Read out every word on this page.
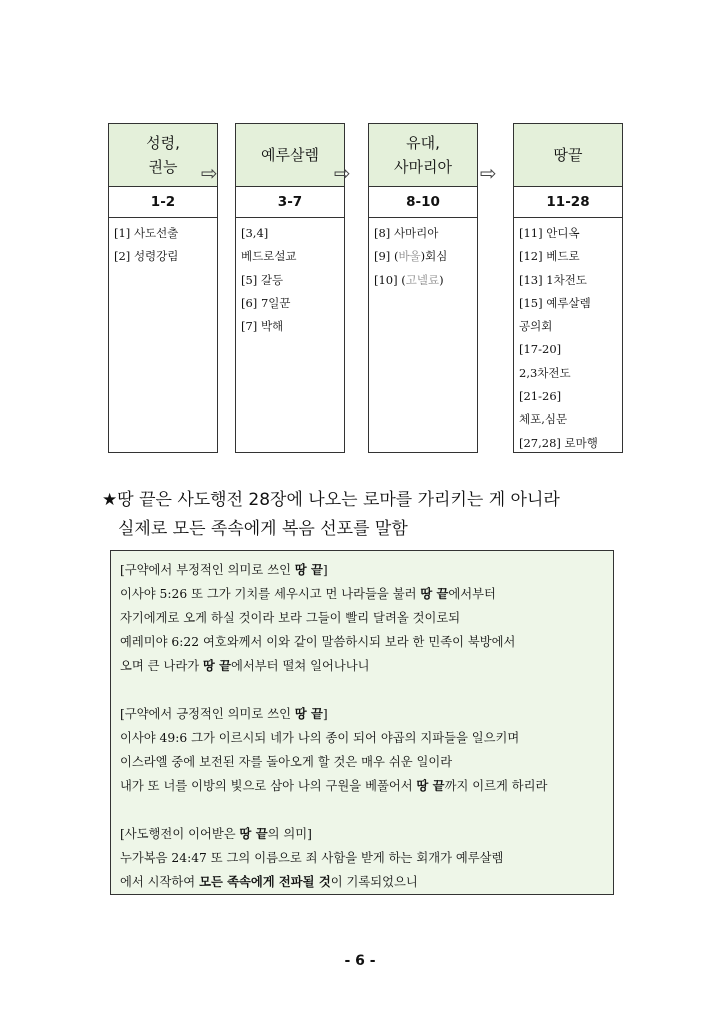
성령,
권능
1-2
[1] 사도선출
[2] 성령강림
예루살렘
3-7
[3,4]
베드로설교
[5] 갈등
[6] 7일꾼
[7] 박해
유대,
사마리아
8-10
[8] 사마리아
[9] (바울)회심
[10] (고넬료)
땅끝
11-28
[11] 안디옥
[12] 베드로
[13] 1차전도
[15] 예루살렘
공의회
[17-20]
2,3차전도
[21-26]
체포,심문
[27,28] 로마행
⇨	⇨	⇨
★땅 끝은 사도행전 28장에 나오는 로마를 가리키는 게 아니라
실제로 모든 족속에게 복음 선포를 말함
[구약에서 부정적인 의미로 쓰인 땅 끝]
이사야 5:26 또 그가 기치를 세우시고 먼 나라들을 불러 땅 끝에서부터
자기에게로 오게 하실 것이라 보라 그들이 빨리 달려올 것이로되
예레미야 6:22 여호와께서 이와 같이 말씀하시되 보라 한 민족이 북방에서
오며 큰 나라가 땅 끝에서부터 떨쳐 일어나나니
[구약에서 긍정적인 의미로 쓰인 땅 끝]
이사야 49:6 그가 이르시되 네가 나의 종이 되어 야곱의 지파들을 일으키며
이스라엘 중에 보전된 자를 돌아오게 할 것은 매우 쉬운 일이라
내가 또 너를 이방의 빛으로 삼아 나의 구원을 베풀어서 땅 끝까지 이르게 하리라
[사도행전이 이어받은 땅 끝의 의미]
누가복음 24:47 또 그의 이름으로 죄 사함을 받게 하는 회개가 예루살렘
에서 시작하여 모든 족속에게 전파될 것이 기록되었으니
- 6 -
